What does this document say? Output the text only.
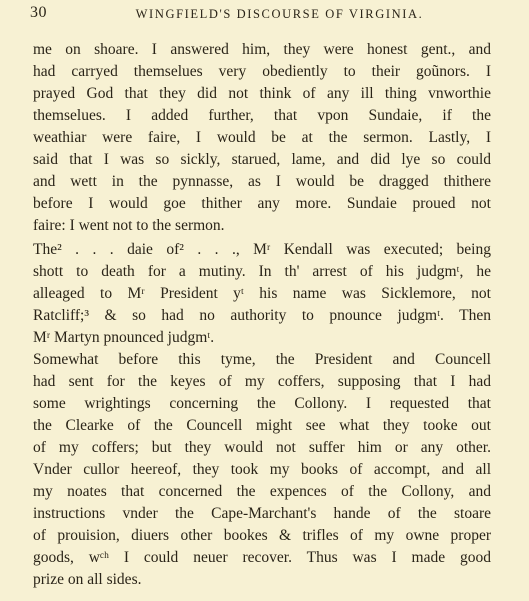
30	WINGFIELD'S DISCOURSE OF VIRGINIA.
me on shoare. I answered him, they were honest gent., and
had carryed themselues very obediently to their goũnors. I
prayed God that they did not think of any ill thing vnworthie
themselues. I added further, that vpon Sundaie, if the
weathiar were faire, I would be at the sermon. Lastly, I
said that I was so sickly, starued, lame, and did lye so could
and wett in the pynnasse, as I would be dragged thithere
before I would goe thither any more. Sundaie proued not
faire: I went not to the sermon.
The² . . . daie of² . . ., Mʳ Kendall was executed; being
shott to death for a mutiny. In th' arrest of his judgmᵗ, he
alleaged to Mʳ President yᵗ his name was Sicklemore, not
Ratcliff;³ & so had no authority to pnounce judgmᵗ. Then
Mʳ Martyn pnounced judgmᵗ.
Somewhat before this tyme, the President and Councell
had sent for the keyes of my coffers, supposing that I had
some wrightings concerning the Collony. I requested that
the Clearke of the Councell might see what they tooke out
of my coffers; but they would not suffer him or any other.
Vnder cullor heereof, they took my books of accompt, and all
my noates that concerned the expences of the Collony, and
instructions vnder the Cape-Marchant's hande of the stoare
of prouision, diuers other bookes & trifles of my owne proper
goods, wᶜʰ I could neuer recover. Thus was I made good
prize on all sides.
